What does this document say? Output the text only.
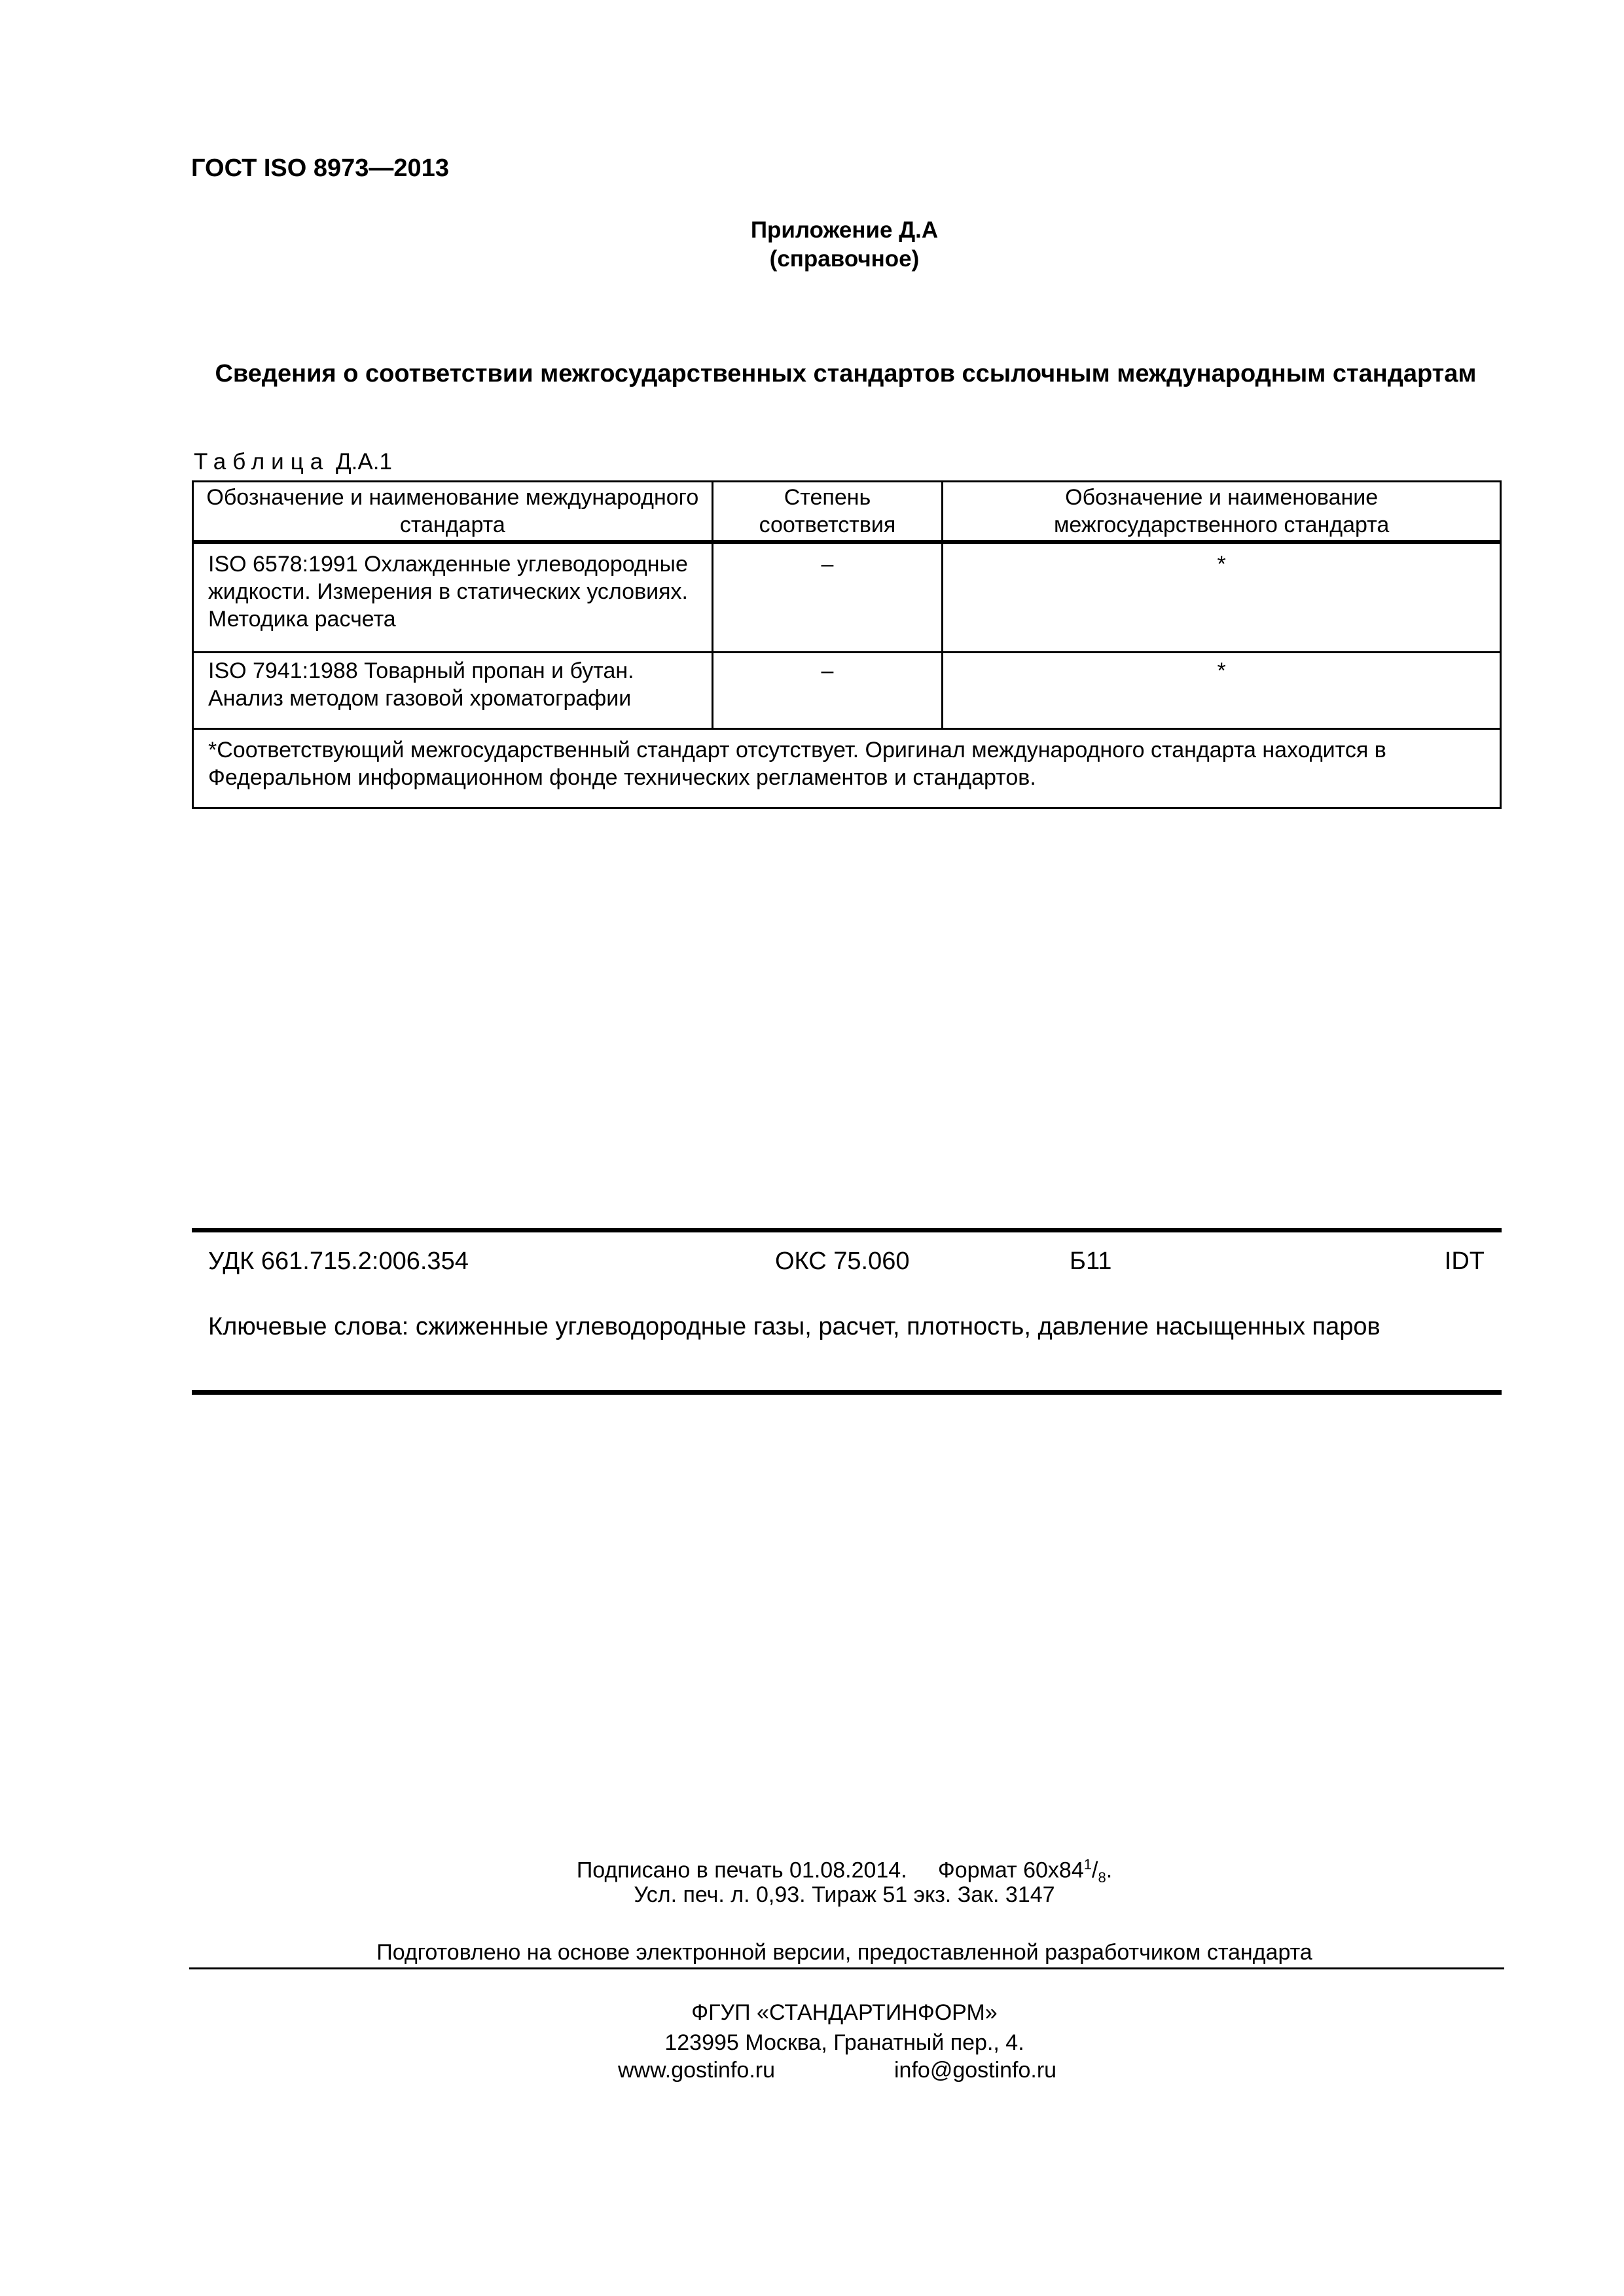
ГОСТ ISO 8973—2013
Приложение Д.А
(справочное)
Сведения о соответствии межгосударственных стандартов ссылочным международным стандартам
Таблица Д.А.1
Обозначение и наименование международного стандарта	Степень соответствия	Обозначение и наименование межгосударственного стандарта
ISO 6578:1991 Охлажденные углеводородные жидкости. Измерения в статических условиях. Методика расчета	–	*
ISO 7941:1988 Товарный пропан и бутан. Анализ методом газовой хроматографии	–	*
*Соответствующий межгосударственный стандарт отсутствует. Оригинал международного стандарта находится в Федеральном информационном фонде технических регламентов и стандартов.		
УДК 661.715.2:006.354	ОКС 75.060	Б11	IDT
Ключевые слова: сжиженные углеводородные газы, расчет, плотность, давление насыщенных паров
Подписано в печать 01.08.2014. Формат $60x84^1/_8$.
Усл. печ. л. 0,93. Тираж 51 экз. Зак. 3147
Подготовлено на основе электронной версии, предоставленной разработчиком стандарта
ФГУП «СТАНДАРТИНФОРМ»
123995 Москва, Гранатный пер., 4.
www.gostinfo.ru	info@gostinfo.ru
